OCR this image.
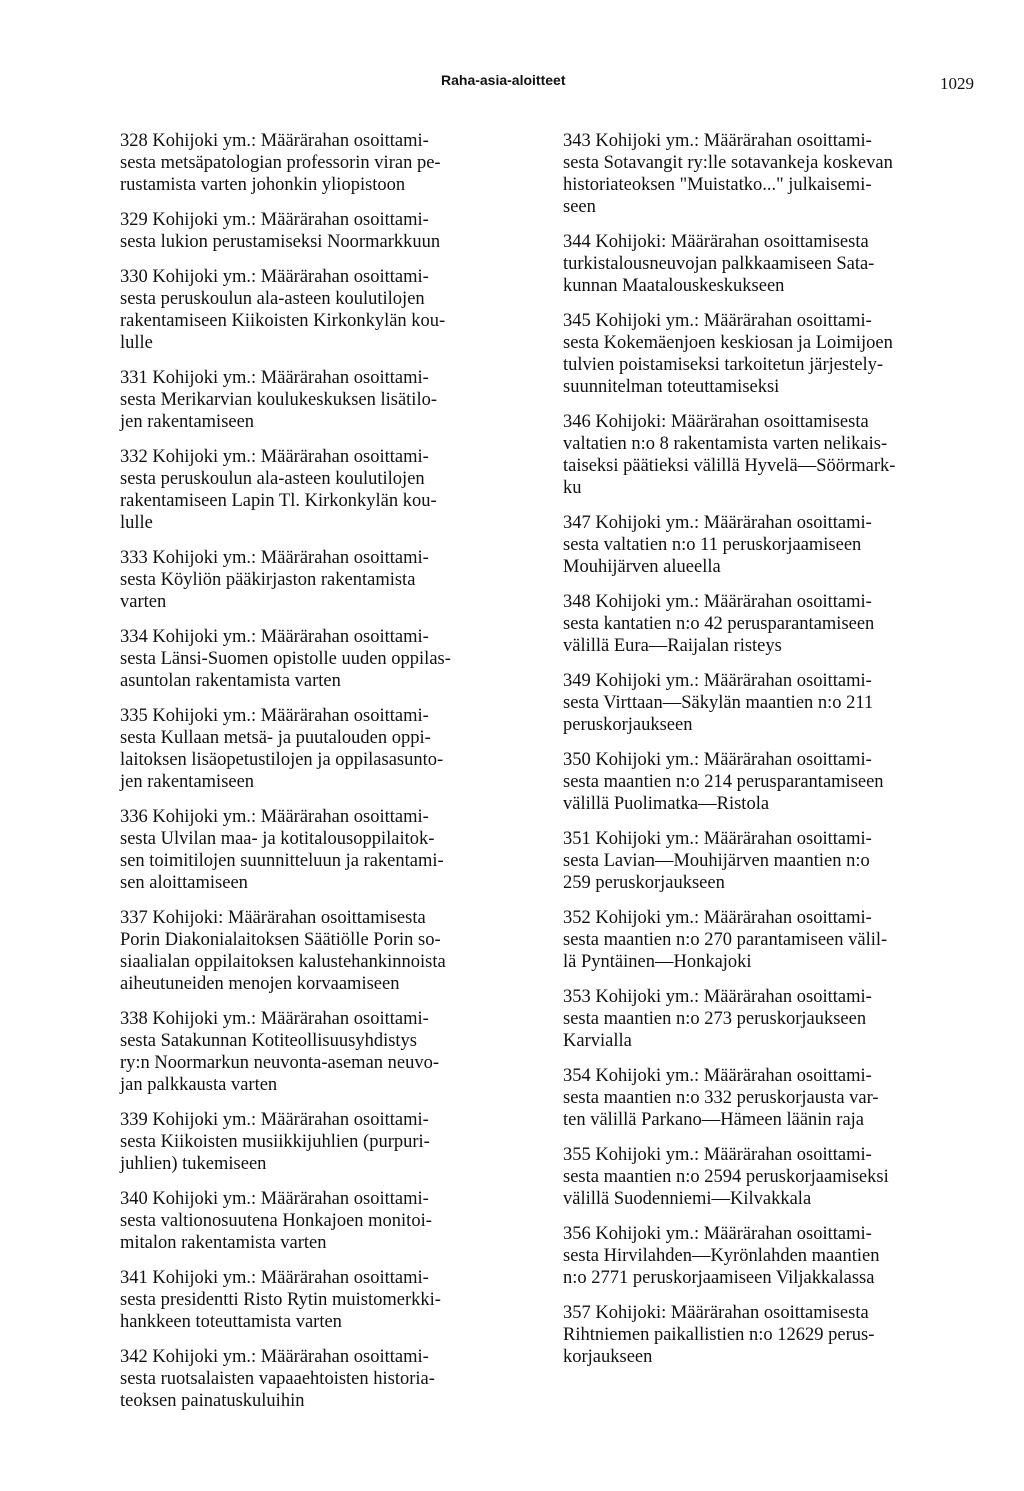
Raha-asia-aloitteet	1029
328 Kohijoki ym.: Määrärahan osoittami-
sesta metsäpatologian professorin viran pe-
rustamista varten johonkin yliopistoon
329 Kohijoki ym.: Määrärahan osoittami-
sesta lukion perustamiseksi Noormarkkuun
330 Kohijoki ym.: Määrärahan osoittami-
sesta peruskoulun ala-asteen koulutilojen
rakentamiseen Kiikoisten Kirkonkylän kou-
lulle
331 Kohijoki ym.: Määrärahan osoittami-
sesta Merikarvian koulukeskuksen lisätilo-
jen rakentamiseen
332 Kohijoki ym.: Määrärahan osoittami-
sesta peruskoulun ala-asteen koulutilojen
rakentamiseen Lapin Tl. Kirkonkylän kou-
lulle
333 Kohijoki ym.: Määrärahan osoittami-
sesta Köyliön pääkirjaston rakentamista
varten
334 Kohijoki ym.: Määrärahan osoittami-
sesta Länsi-Suomen opistolle uuden oppilas-
asuntolan rakentamista varten
335 Kohijoki ym.: Määrärahan osoittami-
sesta Kullaan metsä- ja puutalouden oppi-
laitoksen lisäopetustilojen ja oppilasasunto-
jen rakentamiseen
336 Kohijoki ym.: Määrärahan osoittami-
sesta Ulvilan maa- ja kotitalousoppilaitok-
sen toimitilojen suunnitteluun ja rakentami-
sen aloittamiseen
337 Kohijoki: Määrärahan osoittamisesta
Porin Diakonialaitoksen Säätiölle Porin so-
siaalialan oppilaitoksen kalustehankinnoista
aiheutuneiden menojen korvaamiseen
338 Kohijoki ym.: Määrärahan osoittami-
sesta Satakunnan Kotiteollisuusyhdistys
ry:n Noormarkun neuvonta-aseman neuvo-
jan palkkausta varten
339 Kohijoki ym.: Määrärahan osoittami-
sesta Kiikoisten musiikkijuhlien (purpuri-
juhlien) tukemiseen
340 Kohijoki ym.: Määrärahan osoittami-
sesta valtionosuutena Honkajoen monitoi-
mitalon rakentamista varten
341 Kohijoki ym.: Määrärahan osoittami-
sesta presidentti Risto Rytin muistomerkki-
hankkeen toteuttamista varten
342 Kohijoki ym.: Määrärahan osoittami-
sesta ruotsalaisten vapaaehtoisten historia-
teoksen painatuskuluihin
343 Kohijoki ym.: Määrärahan osoittami-
sesta Sotavangit ry:lle sotavankeja koskevan
historiateoksen "Muistatko..." julkaisemi-
seen
344 Kohijoki: Määrärahan osoittamisesta
turkistalousneuvojan palkkaamiseen Sata-
kunnan Maatalouskeskukseen
345 Kohijoki ym.: Määrärahan osoittami-
sesta Kokemäenjoen keskiosan ja Loimijoen
tulvien poistamiseksi tarkoitetun järjestely-
suunnitelman toteuttamiseksi
346 Kohijoki: Määrärahan osoittamisesta
valtatien n:o 8 rakentamista varten nelikais-
taiseksi päätieksi välillä Hyvelä—Söörmark-
ku
347 Kohijoki ym.: Määrärahan osoittami-
sesta valtatien n:o 11 peruskorjaamiseen
Mouhijärven alueella
348 Kohijoki ym.: Määrärahan osoittami-
sesta kantatien n:o 42 perusparantamiseen
välillä Eura—Raijalan risteys
349 Kohijoki ym.: Määrärahan osoittami-
sesta Virttaan—Säkylän maantien n:o 211
peruskorjaukseen
350 Kohijoki ym.: Määrärahan osoittami-
sesta maantien n:o 214 perusparantamiseen
välillä Puolimatka—Ristola
351 Kohijoki ym.: Määrärahan osoittami-
sesta Lavian—Mouhijärven maantien n:o
259 peruskorjaukseen
352 Kohijoki ym.: Määrärahan osoittami-
sesta maantien n:o 270 parantamiseen välil-
lä Pyntäinen—Honkajoki
353 Kohijoki ym.: Määrärahan osoittami-
sesta maantien n:o 273 peruskorjaukseen
Karvialla
354 Kohijoki ym.: Määrärahan osoittami-
sesta maantien n:o 332 peruskorjausta var-
ten välillä Parkano—Hämeen läänin raja
355 Kohijoki ym.: Määrärahan osoittami-
sesta maantien n:o 2594 peruskorjaamiseksi
välillä Suodenniemi—Kilvakkala
356 Kohijoki ym.: Määrärahan osoittami-
sesta Hirvilahden—Kyrönlahden maantien
n:o 2771 peruskorjaamiseen Viljakkalassa
357 Kohijoki: Määrärahan osoittamisesta
Rihtniemen paikallistien n:o 12629 perus-
korjaukseen
